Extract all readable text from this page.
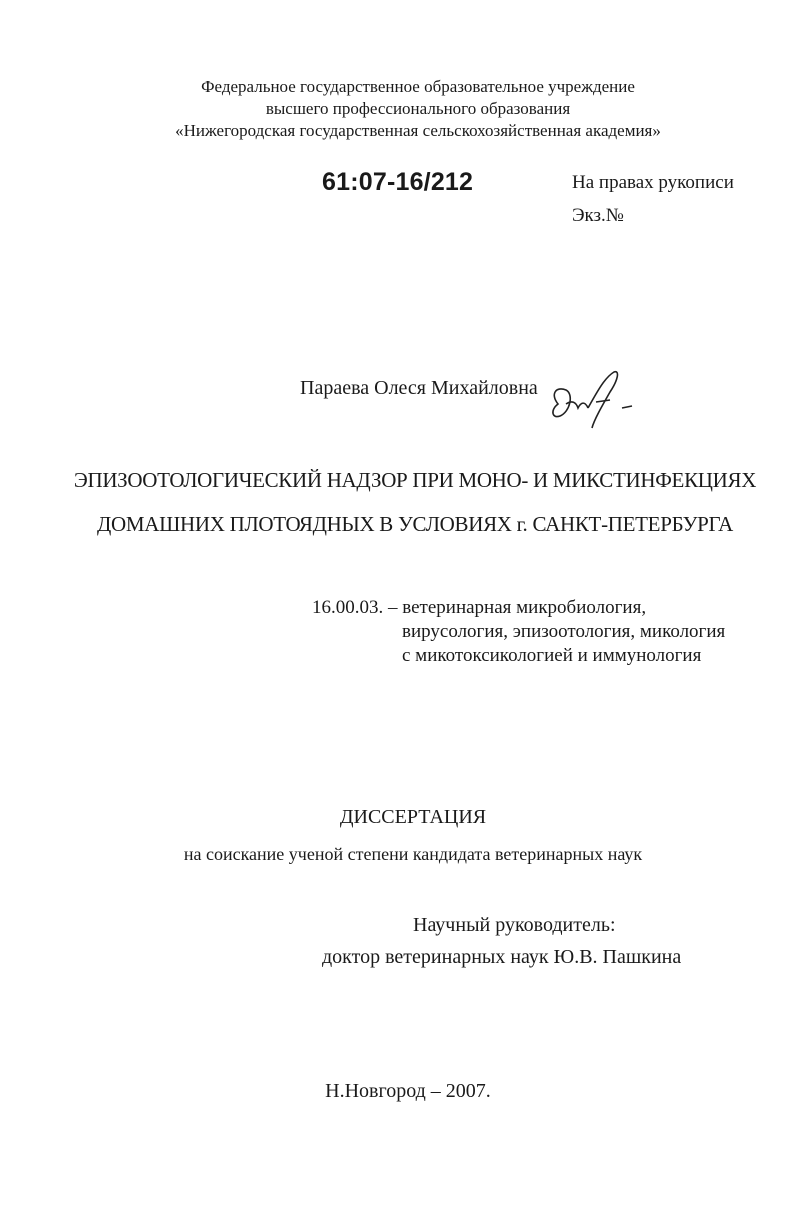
Федеральное государственное образовательное учреждение
высшего профессионального образования
«Нижегородская государственная сельскохозяйственная академия»
61:07-16/212	На правах рукописи
Экз.№
Параева Олеся Михайловна
ЭПИЗООТОЛОГИЧЕСКИЙ НАДЗОР ПРИ МОНО- И МИКСТИНФЕКЦИЯХ
ДОМАШНИХ ПЛОТОЯДНЫХ В УСЛОВИЯХ г. САНКТ-ПЕТЕРБУРГА
16.00.03. – ветеринарная микробиология,
вирусология, эпизоотология, микология
с микотоксикологией и иммунология
ДИССЕРТАЦИЯ
на соискание ученой степени кандидата ветеринарных наук
Научный руководитель:
доктор ветеринарных наук Ю.В. Пашкина
Н.Новгород – 2007.
